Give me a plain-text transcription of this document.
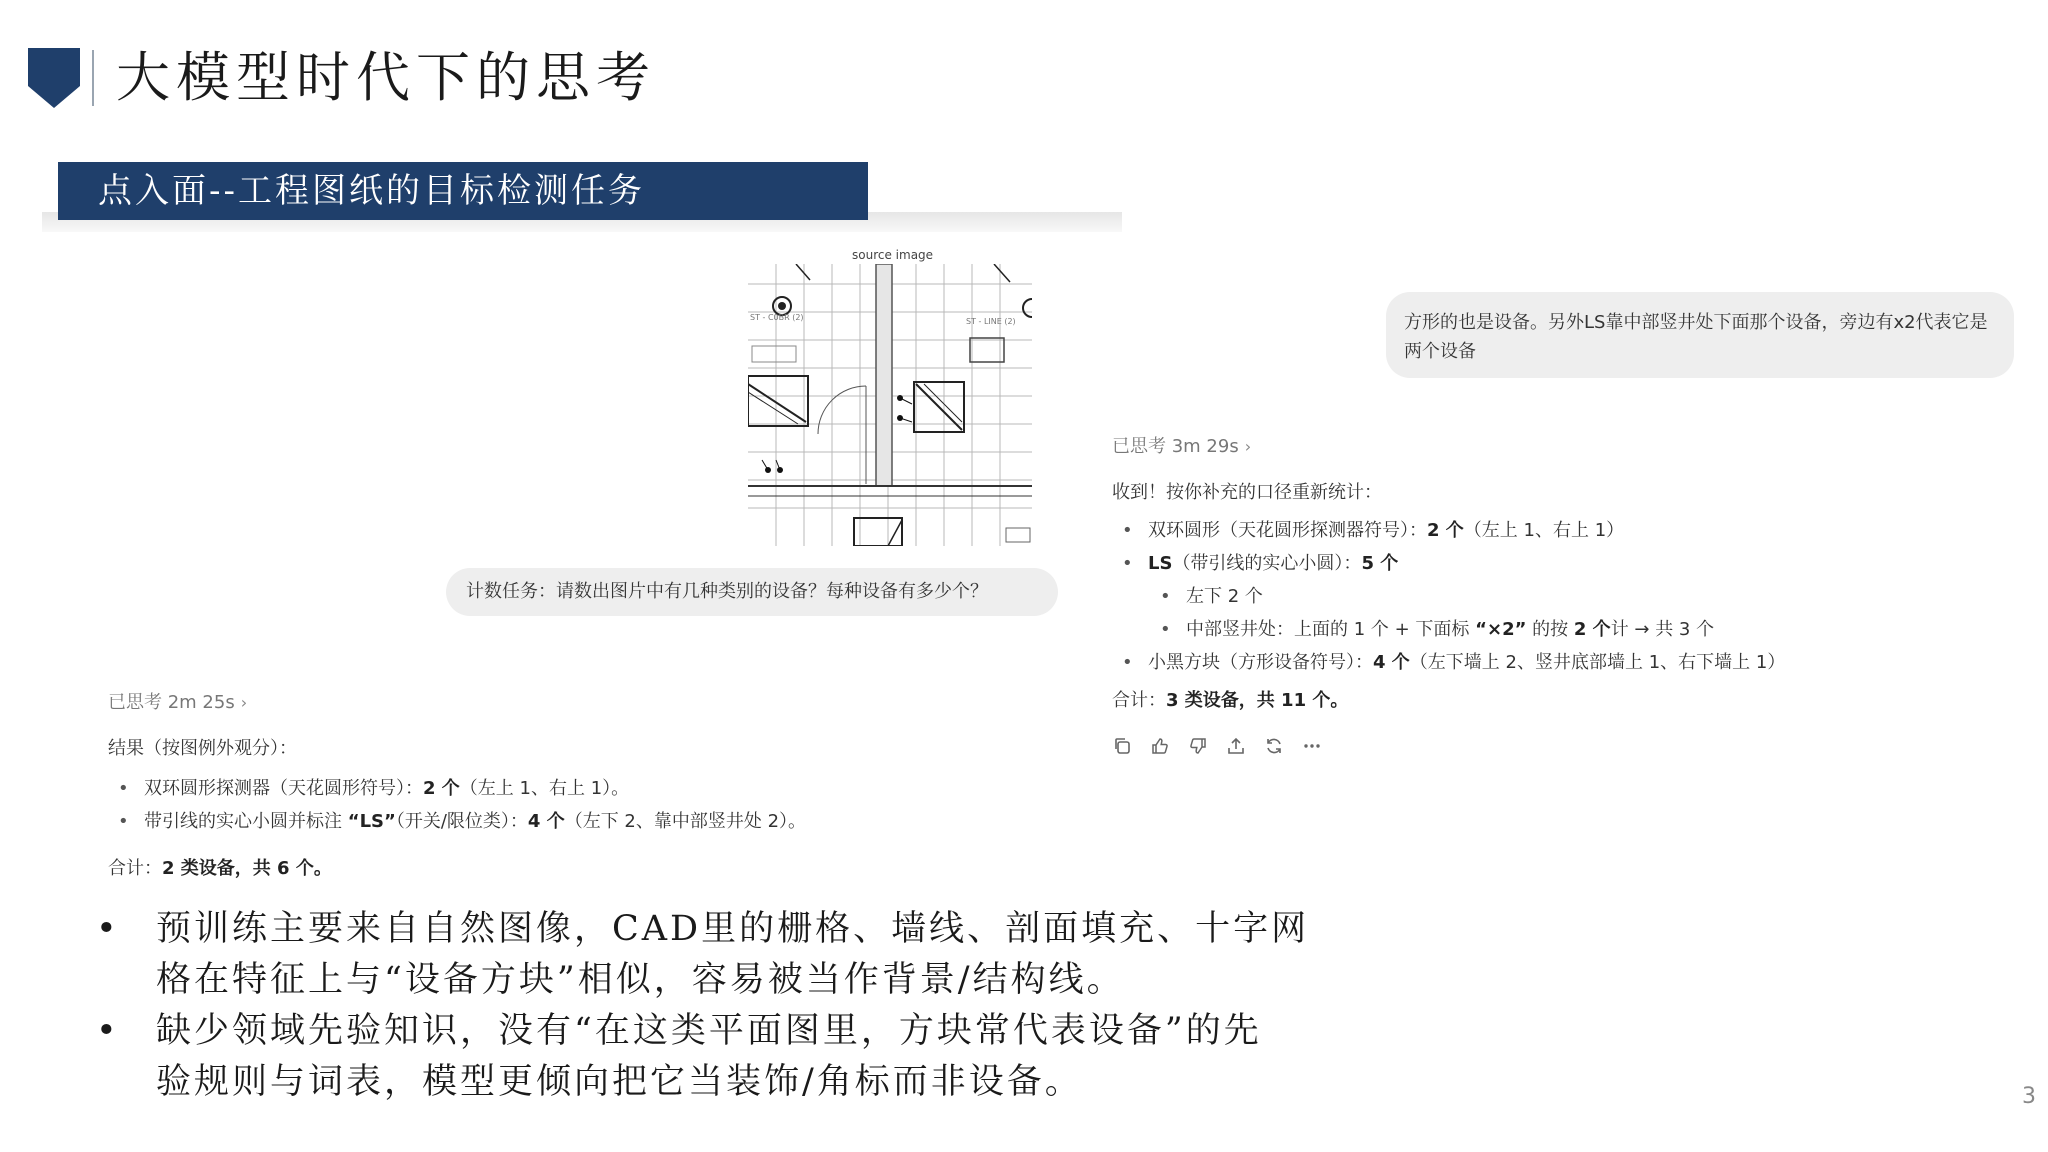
大模型时代下的思考
点入面--工程图纸的目标检测任务
source image
ST - C0BR (2)	ST - LINE (2)
计数任务：请数出图片中有几种类别的设备？每种设备有多少个？
已思考 2m 25s ›
结果（按图例外观分）：
• 双环圆形探测器（天花圆形符号）：2 个（左上 1、右上 1）。
• 带引线的实心小圆并标注 “LS”（开关/限位类）：4 个（左下 2、靠中部竖井处 2）。
合计：2 类设备，共 6 个。
方形的也是设备。另外LS靠中部竖井处下面那个设备，旁边有x2代表它是两个设备
已思考 3m 29s ›
收到！按你补充的口径重新统计：
• 双环圆形（天花圆形探测器符号）：2 个（左上 1、右上 1）
• LS（带引线的实心小圆）：5 个
• 左下 2 个
• 中部竖井处：上面的 1 个 + 下面标 “×2” 的按 2 个计 → 共 3 个
• 小黑方块（方形设备符号）：4 个（左下墙上 2、竖井底部墙上 1、右下墙上 1）
合计：3 类设备，共 11 个。
• 预训练主要来自自然图像，CAD里的栅格、墙线、剖面填充、十字网
格在特征上与“设备方块”相似，容易被当作背景/结构线。
• 缺少领域先验知识，没有“在这类平面图里，方块常代表设备”的先
验规则与词表，模型更倾向把它当装饰/角标而非设备。	3
